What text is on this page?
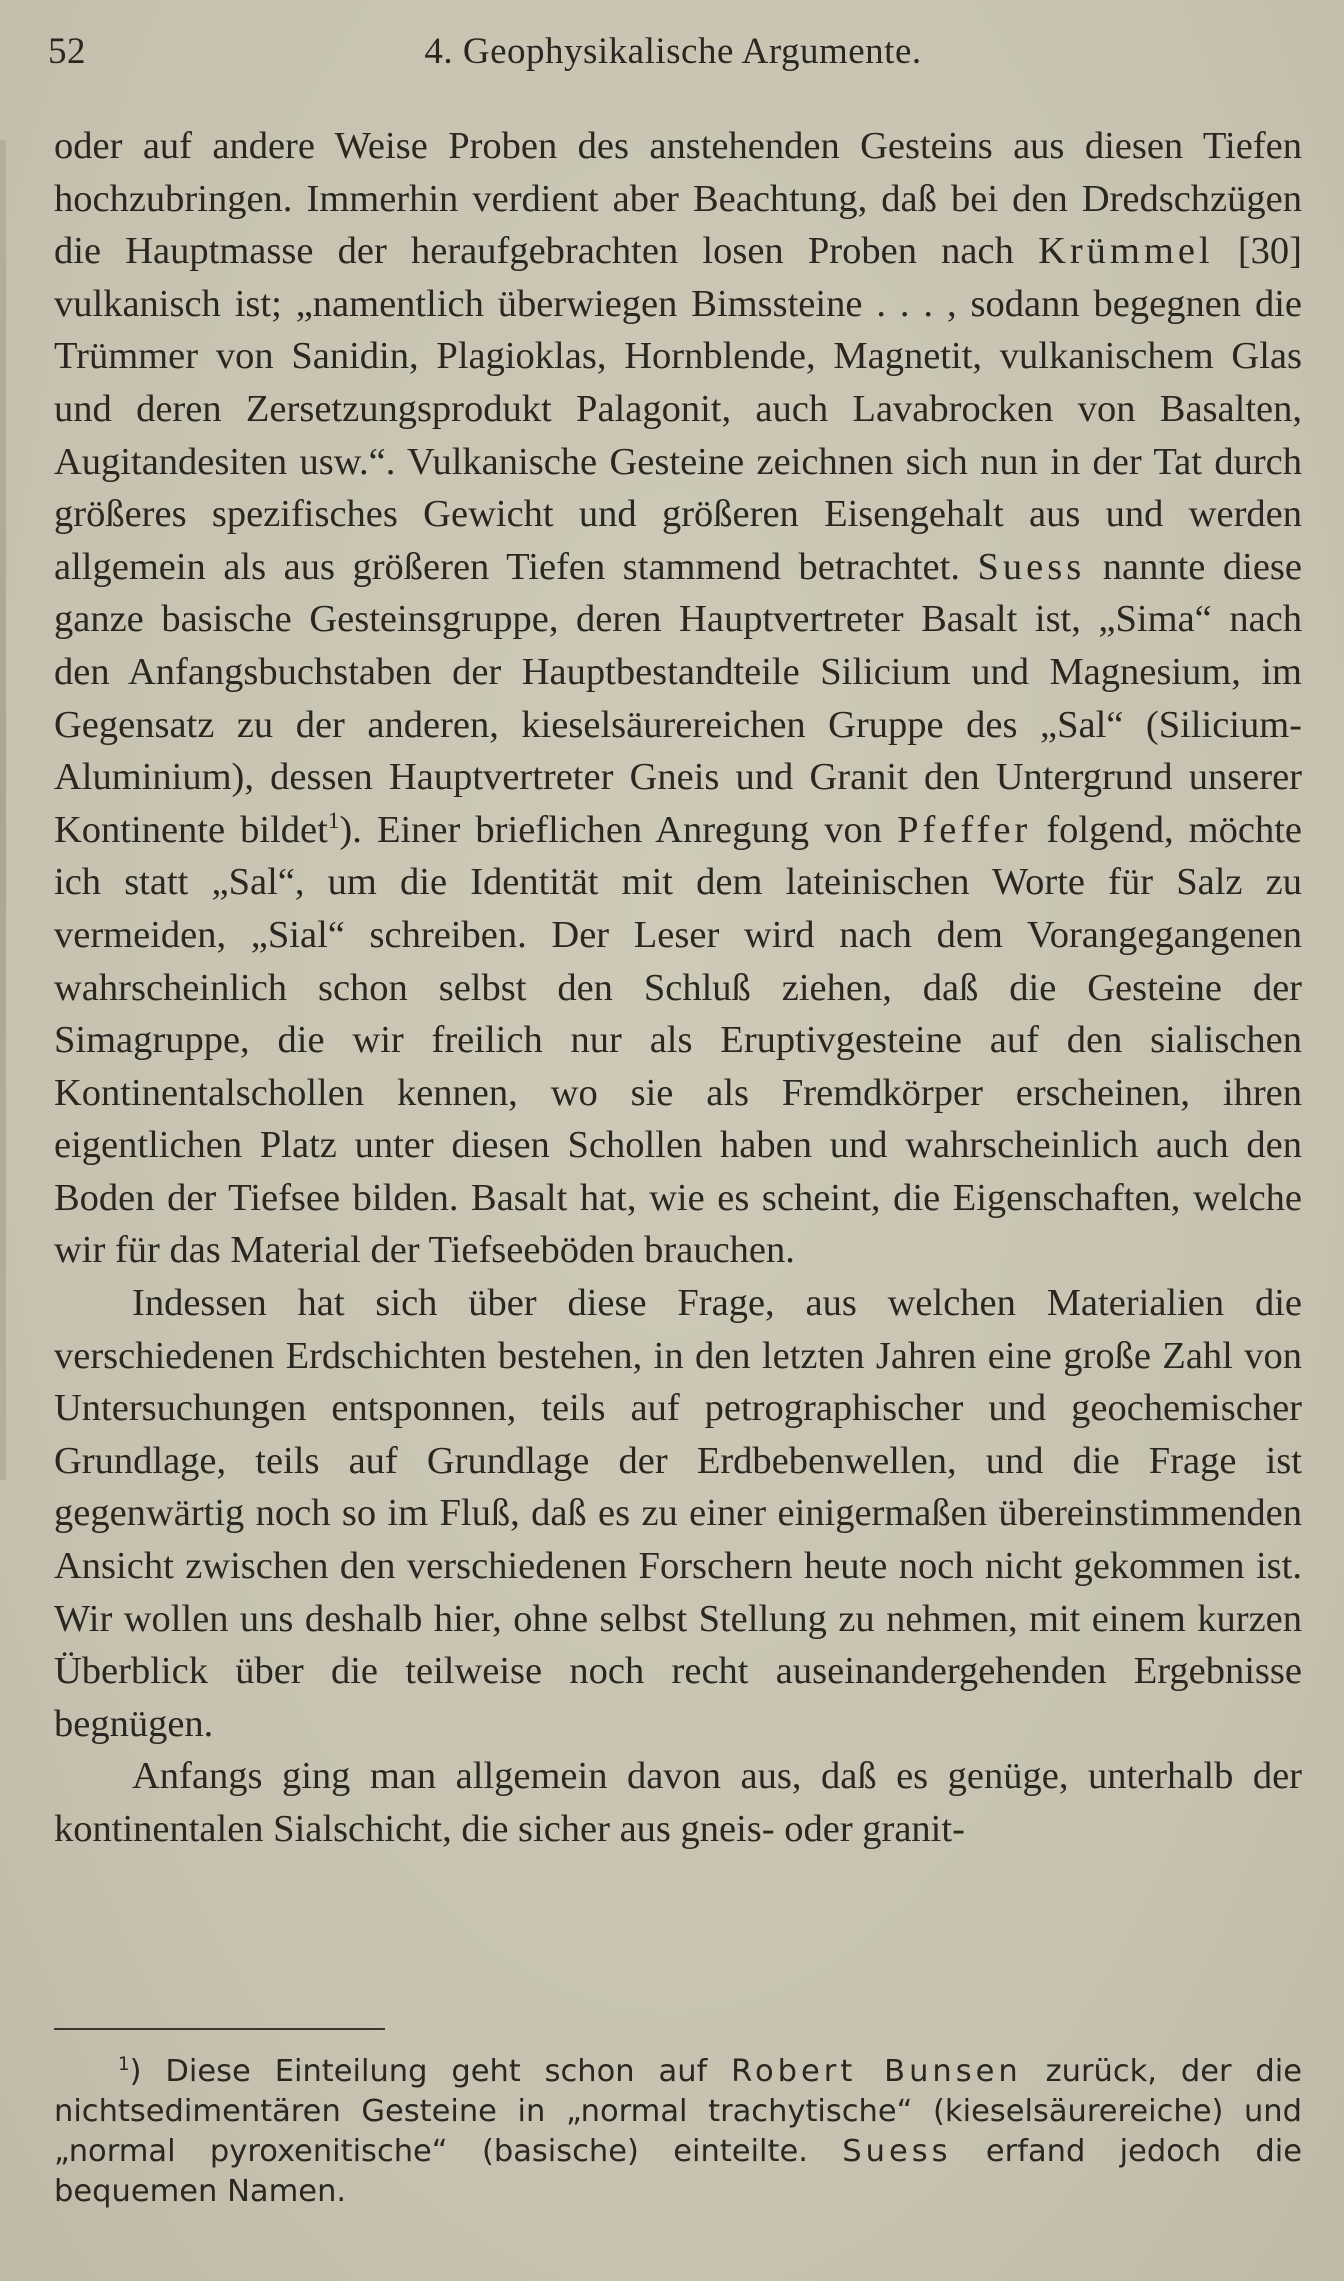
52	4. Geophysikalische Argumente.

oder auf andere Weise Proben des anstehenden Gesteins aus diesen Tiefen hochzubringen. Immerhin verdient aber Beachtung, daß bei den Dredschzügen die Hauptmasse der heraufgebrachten losen Proben nach Krümmel [30] vulkanisch ist; „namentlich überwiegen Bimssteine . . . , sodann begegnen die Trümmer von Sanidin, Plagioklas, Hornblende, Magnetit, vulkanischem Glas und deren Zersetzungsprodukt Palagonit, auch Lavabrocken von Basalten, Augitandesiten usw.“. Vulkanische Gesteine zeichnen sich nun in der Tat durch größeres spezifisches Gewicht und größeren Eisengehalt aus und werden allgemein als aus größeren Tiefen stammend betrachtet. Suess nannte diese ganze basische Gesteinsgruppe, deren Hauptvertreter Basalt ist, „Sima“ nach den Anfangsbuchstaben der Hauptbestandteile Silicium und Magnesium, im Gegensatz zu der anderen, kieselsäurereichen Gruppe des „Sal“ (Silicium-Aluminium), dessen Hauptvertreter Gneis und Granit den Untergrund unserer Kontinente bildet$^1$). Einer brieflichen Anregung von Pfeffer folgend, möchte ich statt „Sal“, um die Identität mit dem lateinischen Worte für Salz zu vermeiden, „Sial“ schreiben. Der Leser wird nach dem Vorangegangenen wahrscheinlich schon selbst den Schluß ziehen, daß die Gesteine der Simagruppe, die wir freilich nur als Eruptivgesteine auf den sialischen Kontinentalschollen kennen, wo sie als Fremdkörper erscheinen, ihren eigentlichen Platz unter diesen Schollen haben und wahrscheinlich auch den Boden der Tiefsee bilden. Basalt hat, wie es scheint, die Eigenschaften, welche wir für das Material der Tiefseeböden brauchen.

Indessen hat sich über diese Frage, aus welchen Materialien die verschiedenen Erdschichten bestehen, in den letzten Jahren eine große Zahl von Untersuchungen entsponnen, teils auf petrographischer und geochemischer Grundlage, teils auf Grundlage der Erdbebenwellen, und die Frage ist gegenwärtig noch so im Fluß, daß es zu einer einigermaßen übereinstimmenden Ansicht zwischen den verschiedenen Forschern heute noch nicht gekommen ist. Wir wollen uns deshalb hier, ohne selbst Stellung zu nehmen, mit einem kurzen Überblick über die teilweise noch recht auseinandergehenden Ergebnisse begnügen.

Anfangs ging man allgemein davon aus, daß es genüge, unterhalb der kontinentalen Sialschicht, die sicher aus gneis- oder granit-

$^1$) Diese Einteilung geht schon auf Robert Bunsen zurück, der die nichtsedimentären Gesteine in „normal trachytische“ (kieselsäurereiche) und „normal pyroxenitische“ (basische) einteilte. Suess erfand jedoch die bequemen Namen.
